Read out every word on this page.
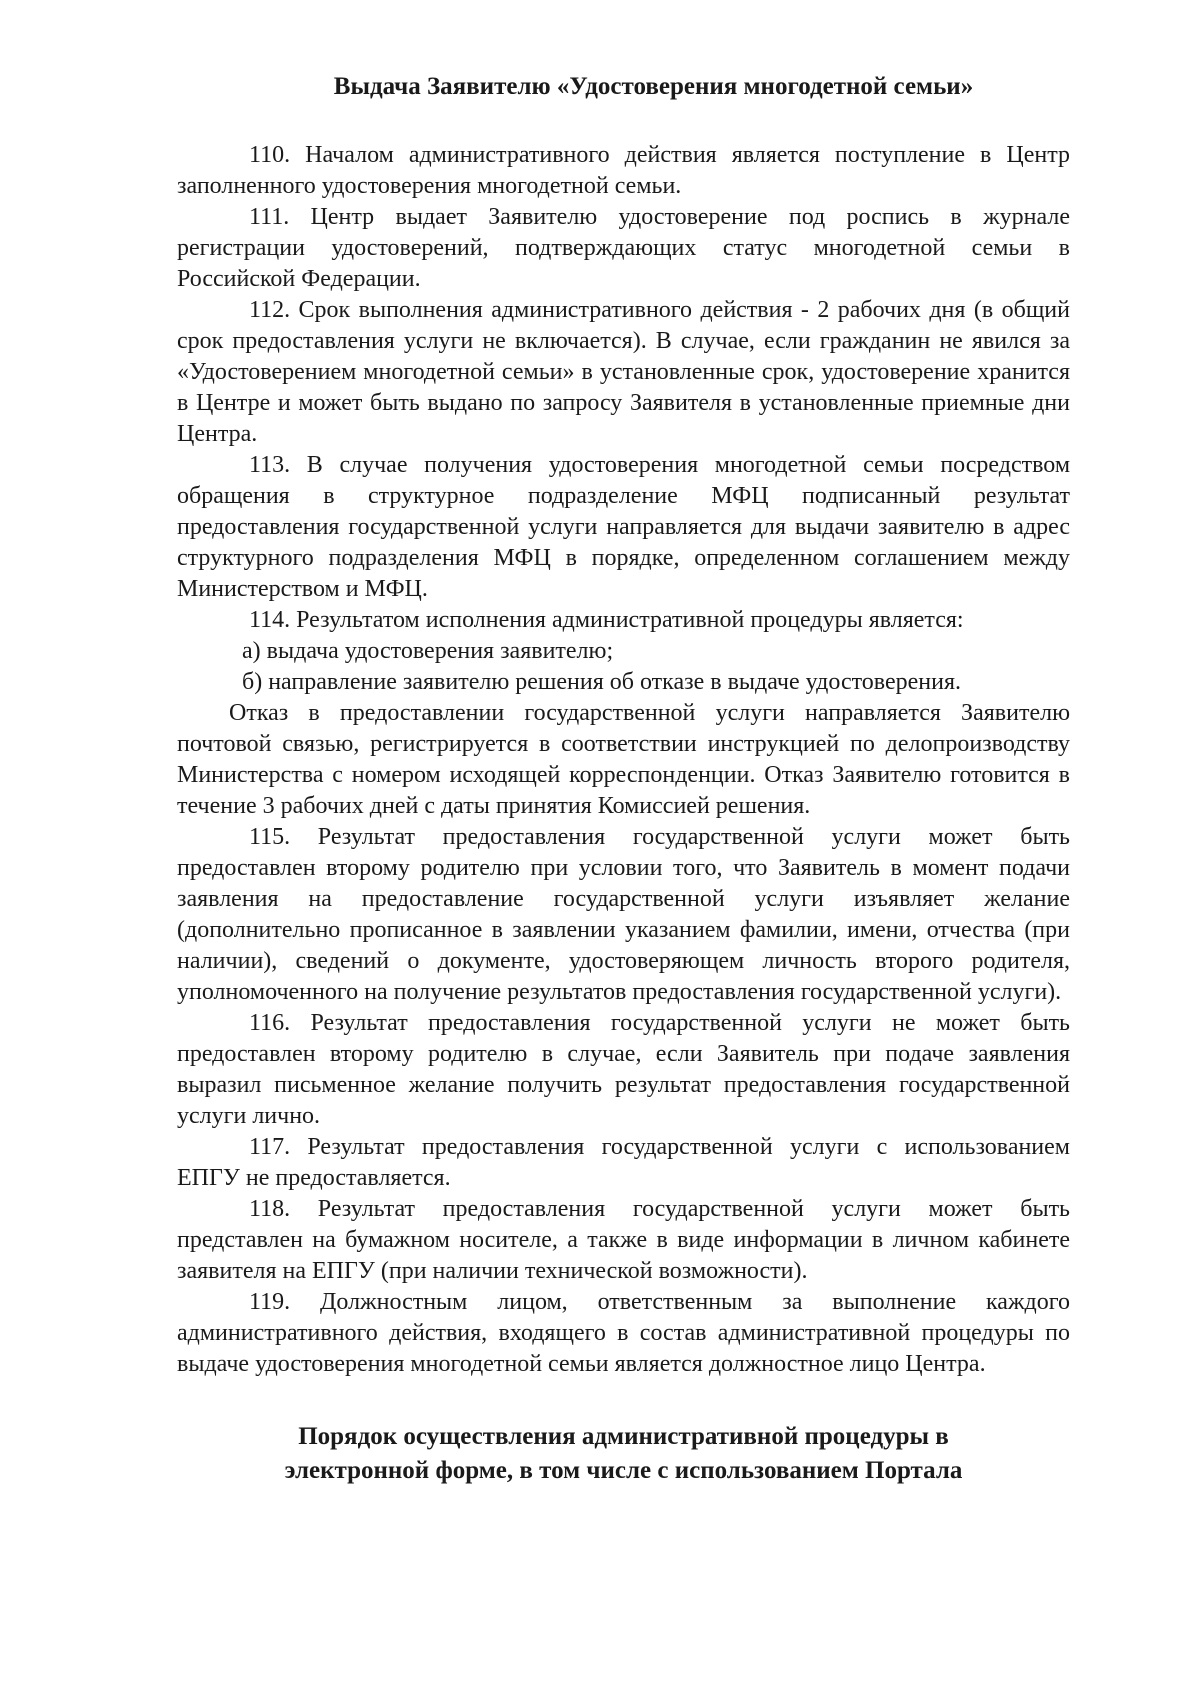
Выдача Заявителю «Удостоверения многодетной семьи»

110. Началом административного действия является поступление в Центр заполненного удостоверения многодетной семьи.

111. Центр выдает Заявителю удостоверение под роспись в журнале регистрации удостоверений, подтверждающих статус многодетной семьи в Российской Федерации.

112. Срок выполнения административного действия - 2 рабочих дня (в общий срок предоставления услуги не включается). В случае, если гражданин не явился за «Удостоверением многодетной семьи» в установленные срок, удостоверение хранится в Центре и может быть выдано по запросу Заявителя в установленные приемные дни Центра.

113. В случае получения удостоверения многодетной семьи посредством обращения в структурное подразделение МФЦ подписанный результат предоставления государственной услуги направляется для выдачи заявителю в адрес структурного подразделения МФЦ в порядке, определенном соглашением между Министерством и МФЦ.

114. Результатом исполнения административной процедуры является:

а) выдача удостоверения заявителю;

б) направление заявителю решения об отказе в выдаче удостоверения.

Отказ в предоставлении государственной услуги направляется Заявителю почтовой связью, регистрируется в соответствии инструкцией по делопроизводству Министерства с номером исходящей корреспонденции. Отказ Заявителю готовится в течение 3 рабочих дней с даты принятия Комиссией решения.

115. Результат предоставления государственной услуги может быть предоставлен второму родителю при условии того, что Заявитель в момент подачи заявления на предоставление государственной услуги изъявляет желание (дополнительно прописанное в заявлении указанием фамилии, имени, отчества (при наличии), сведений о документе, удостоверяющем личность второго родителя, уполномоченного на получение результатов предоставления государственной услуги).

116. Результат предоставления государственной услуги не может быть предоставлен второму родителю в случае, если Заявитель при подаче заявления выразил письменное желание получить результат предоставления государственной услуги лично.

117. Результат предоставления государственной услуги с использованием ЕПГУ не предоставляется.

118. Результат предоставления государственной услуги может быть представлен на бумажном носителе, а также в виде информации в личном кабинете заявителя на ЕПГУ (при наличии технической возможности).

119. Должностным лицом, ответственным за выполнение каждого административного действия, входящего в состав административной процедуры по выдаче удостоверения многодетной семьи является должностное лицо Центра.

Порядок осуществления административной процедуры в
электронной форме, в том числе с использованием Портала
